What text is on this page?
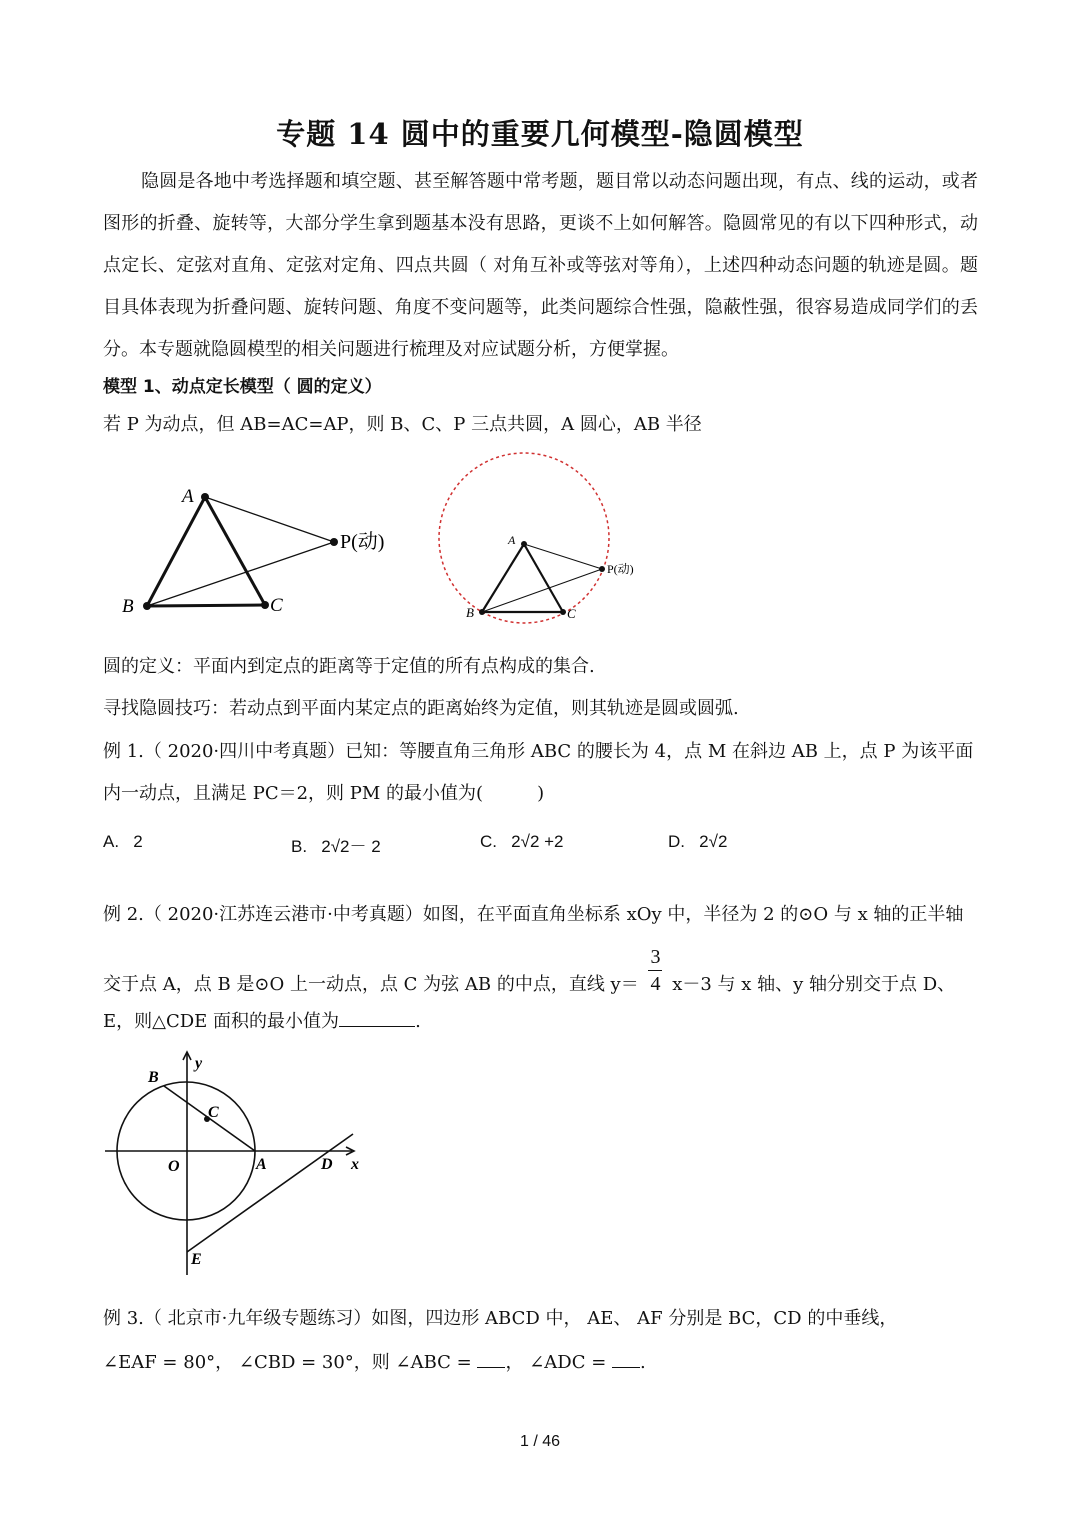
专题 14 圆中的重要几何模型-隐圆模型
隐圆是各地中考选择题和填空题、甚至解答题中常考题，题目常以动态问题出现，有点、线的运动，或者图形的折叠、旋转等，大部分学生拿到题基本没有思路，更谈不上如何解答。隐圆常见的有以下四种形式，动点定长、定弦对直角、定弦对定角、四点共圆（ 对角互补或等弦对等角），上述四种动态问题的轨迹是圆。题目具体表现为折叠问题、旋转问题、角度不变问题等，此类问题综合性强，隐蔽性强，很容易造成同学们的丢分。本专题就隐圆模型的相关问题进行梳理及对应试题分析，方便掌握。
模型 1、动点定长模型（ 圆的定义）
若 P 为动点，但 AB=AC=AP，则 B、C、P 三点共圆，A 圆心，AB 半径
A
B	C
P(动)	A
B	C
P(动)
圆的定义：平面内到定点的距离等于定值的所有点构成的集合.
寻找隐圆技巧：若动点到平面内某定点的距离始终为定值，则其轨迹是圆或圆弧.
例 1.（ 2020·四川中考真题）已知：等腰直角三角形 ABC 的腰长为 4，点 M 在斜边 AB 上，点 P 为该平面
内一动点，且满足 PC＝2，则 PM 的最小值为(　　　)
A. 2	B. 2√2－ 2	C. 2√2 +2	D. 2√2
例 2.（ 2020·江苏连云港市·中考真题）如图，在平面直角坐标系 xOy 中，半径为 2 的⊙O 与 x 轴的正半轴
交于点 A，点 B 是⊙O 上一动点，点 C 为弦 AB 的中点，直线 $y= \frac{3}{4} x-3$ 与 x 轴、y 轴分别交于点 D、
E，则△CDE 面积的最小值为	.
B
C
O	A	D x
y
E
例 3.（ 北京市·九年级专题练习）如图，四边形 ABCD 中， AE、 AF 分别是 BC，CD 的中垂线，
∠EAF = 80°， ∠CBD = 30°，则 ∠ABC = ， ∠ADC = .
1 / 46
